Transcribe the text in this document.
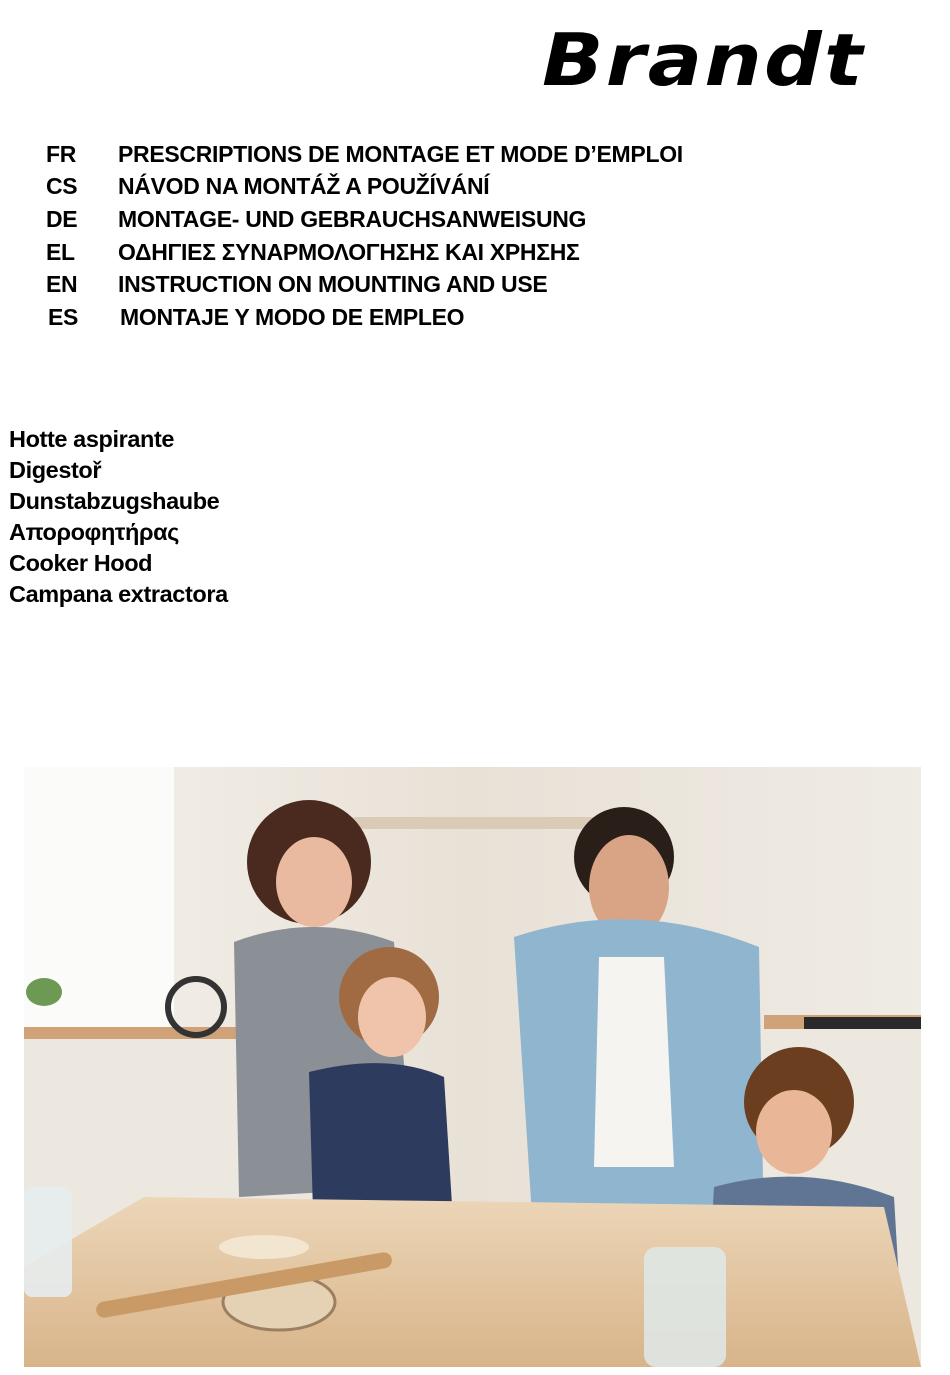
Brandt
FR	PRESCRIPTIONS DE MONTAGE ET MODE D’EMPLOI
CS	NÁVOD NA MONTÁŽ A POUŽÍVÁNÍ
DE	MONTAGE- UND GEBRAUCHSANWEISUNG
EL	ΟΔΗΓΙΕΣ ΣΥΝΑΡΜΟΛΟΓΗΣΗΣ ΚΑΙ ΧΡΗΣΗΣ
EN	INSTRUCTION ON MOUNTING AND USE
ES	MONTAJE Y MODO DE EMPLEO
Hotte aspirante
Digestoř
Dunstabzugshaube
Αποροφητήρας
Cooker Hood
Campana extractora
